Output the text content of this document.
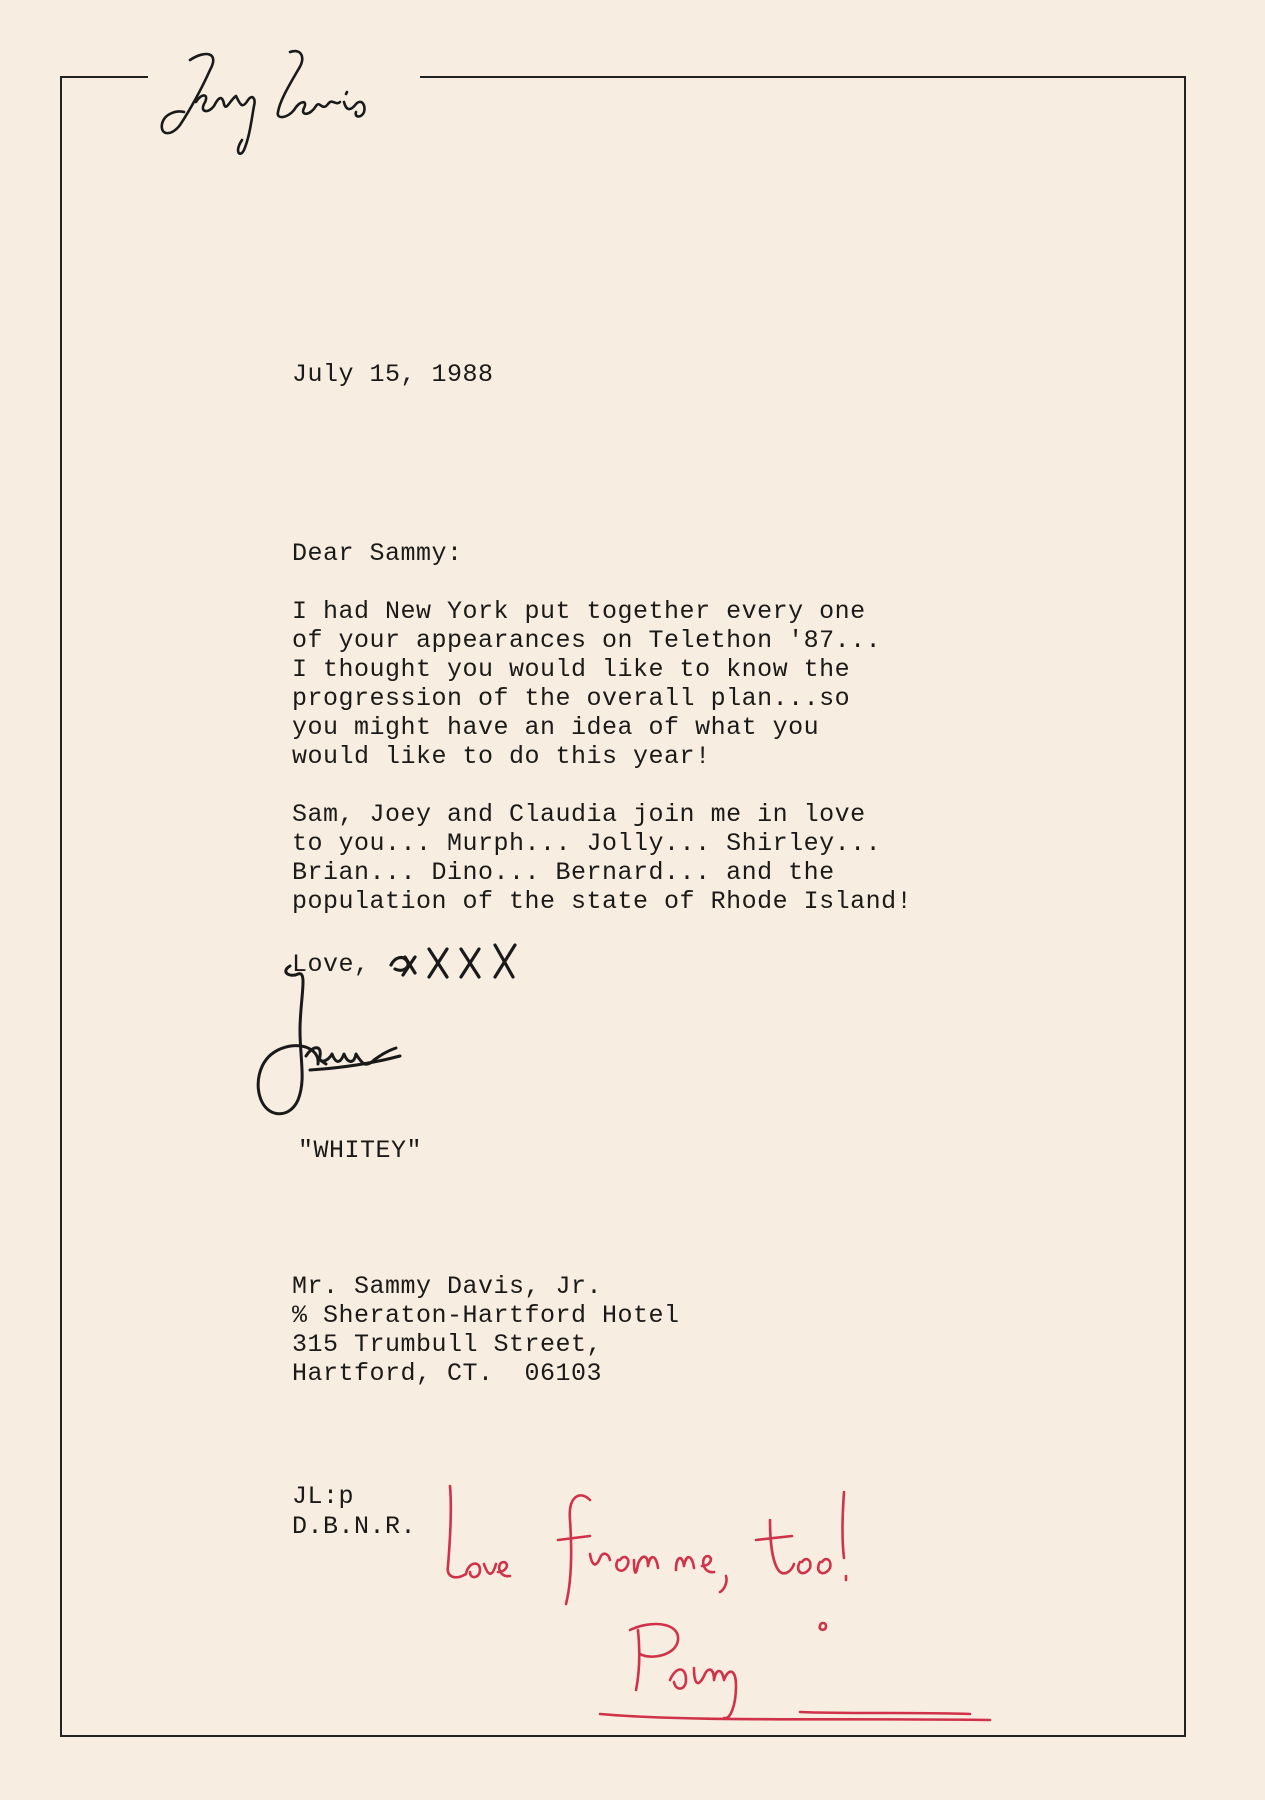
July 15, 1988
Dear Sammy:
I had New York put together every one
of your appearances on Telethon '87...
I thought you would like to know the
progression of the overall plan...so
you might have an idea of what you
would like to do this year!
Sam, Joey and Claudia join me in love
to you... Murph... Jolly... Shirley...
Brian... Dino... Bernard... and the
population of the state of Rhode Island!
Love,
"WHITEY"
Mr. Sammy Davis, Jr.
% Sheraton-Hartford Hotel
315 Trumbull Street,
Hartford, CT.  06103
JL:p
D.B.N.R.
